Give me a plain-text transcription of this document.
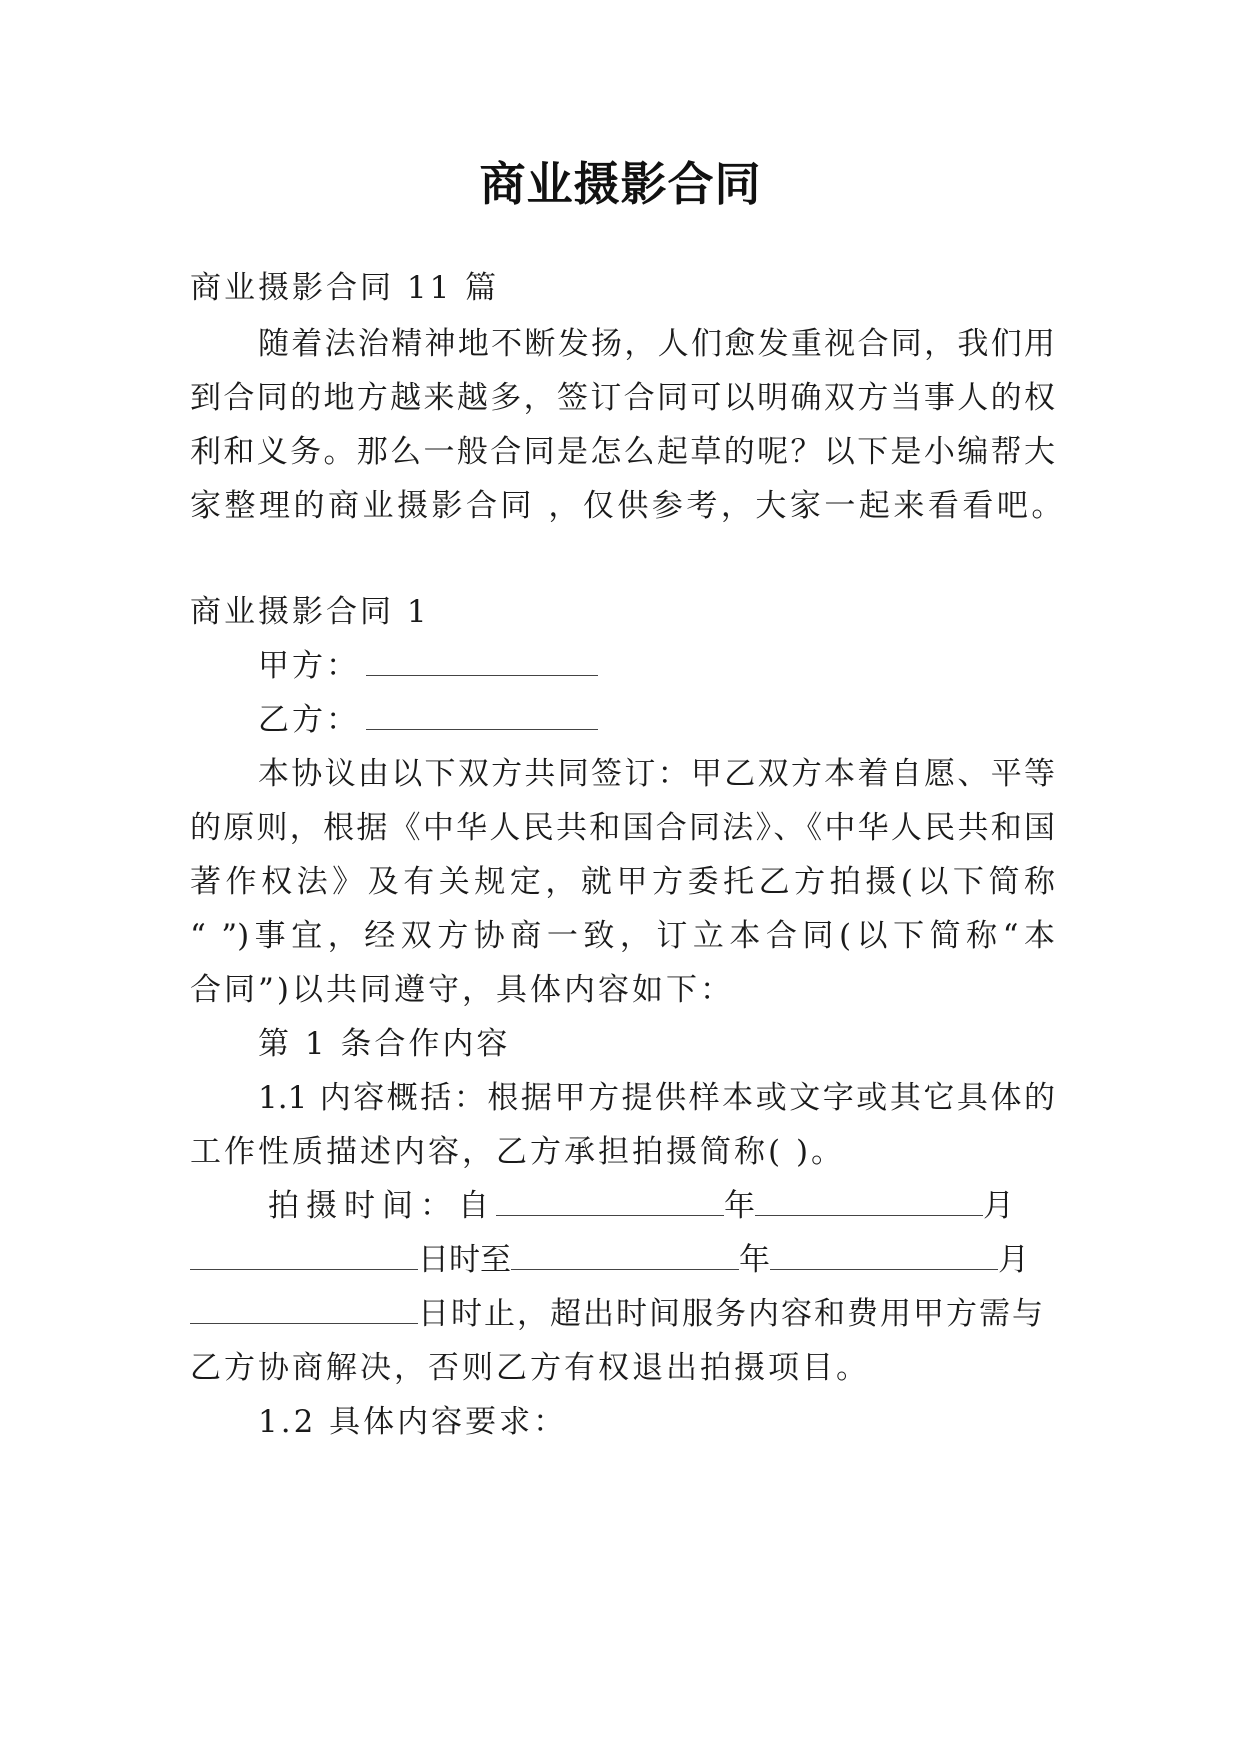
商业摄影合同
商业摄影合同 11 篇
随着法治精神地不断发扬，人们愈发重视合同，我们用
到合同的地方越来越多，签订合同可以明确双方当事人的权
利和义务。那么一般合同是怎么起草的呢？以下是小编帮大
家整理的商业摄影合同 ，仅供参考，大家一起来看看吧。
商业摄影合同 1
甲方：
乙方：
本协议由以下双方共同签订：甲乙双方本着自愿、平等
的原则，根据《中华人民共和国合同法》、《中华人民共和国
著作权法》及有关规定，就甲方委托乙方拍摄(以下简称
“ ”)事宜，经双方协商一致，订立本合同(以下简称“本
合同”)以共同遵守，具体内容如下：
第 1 条合作内容
1.1 内容概括：根据甲方提供样本或文字或其它具体的
工作性质描述内容，乙方承担拍摄简称( )。
拍摄时间：自	年	月
日时至	年	月
日时止，超出时间服务内容和费用甲方需与
乙方协商解决，否则乙方有权退出拍摄项目。
1.2 具体内容要求：
